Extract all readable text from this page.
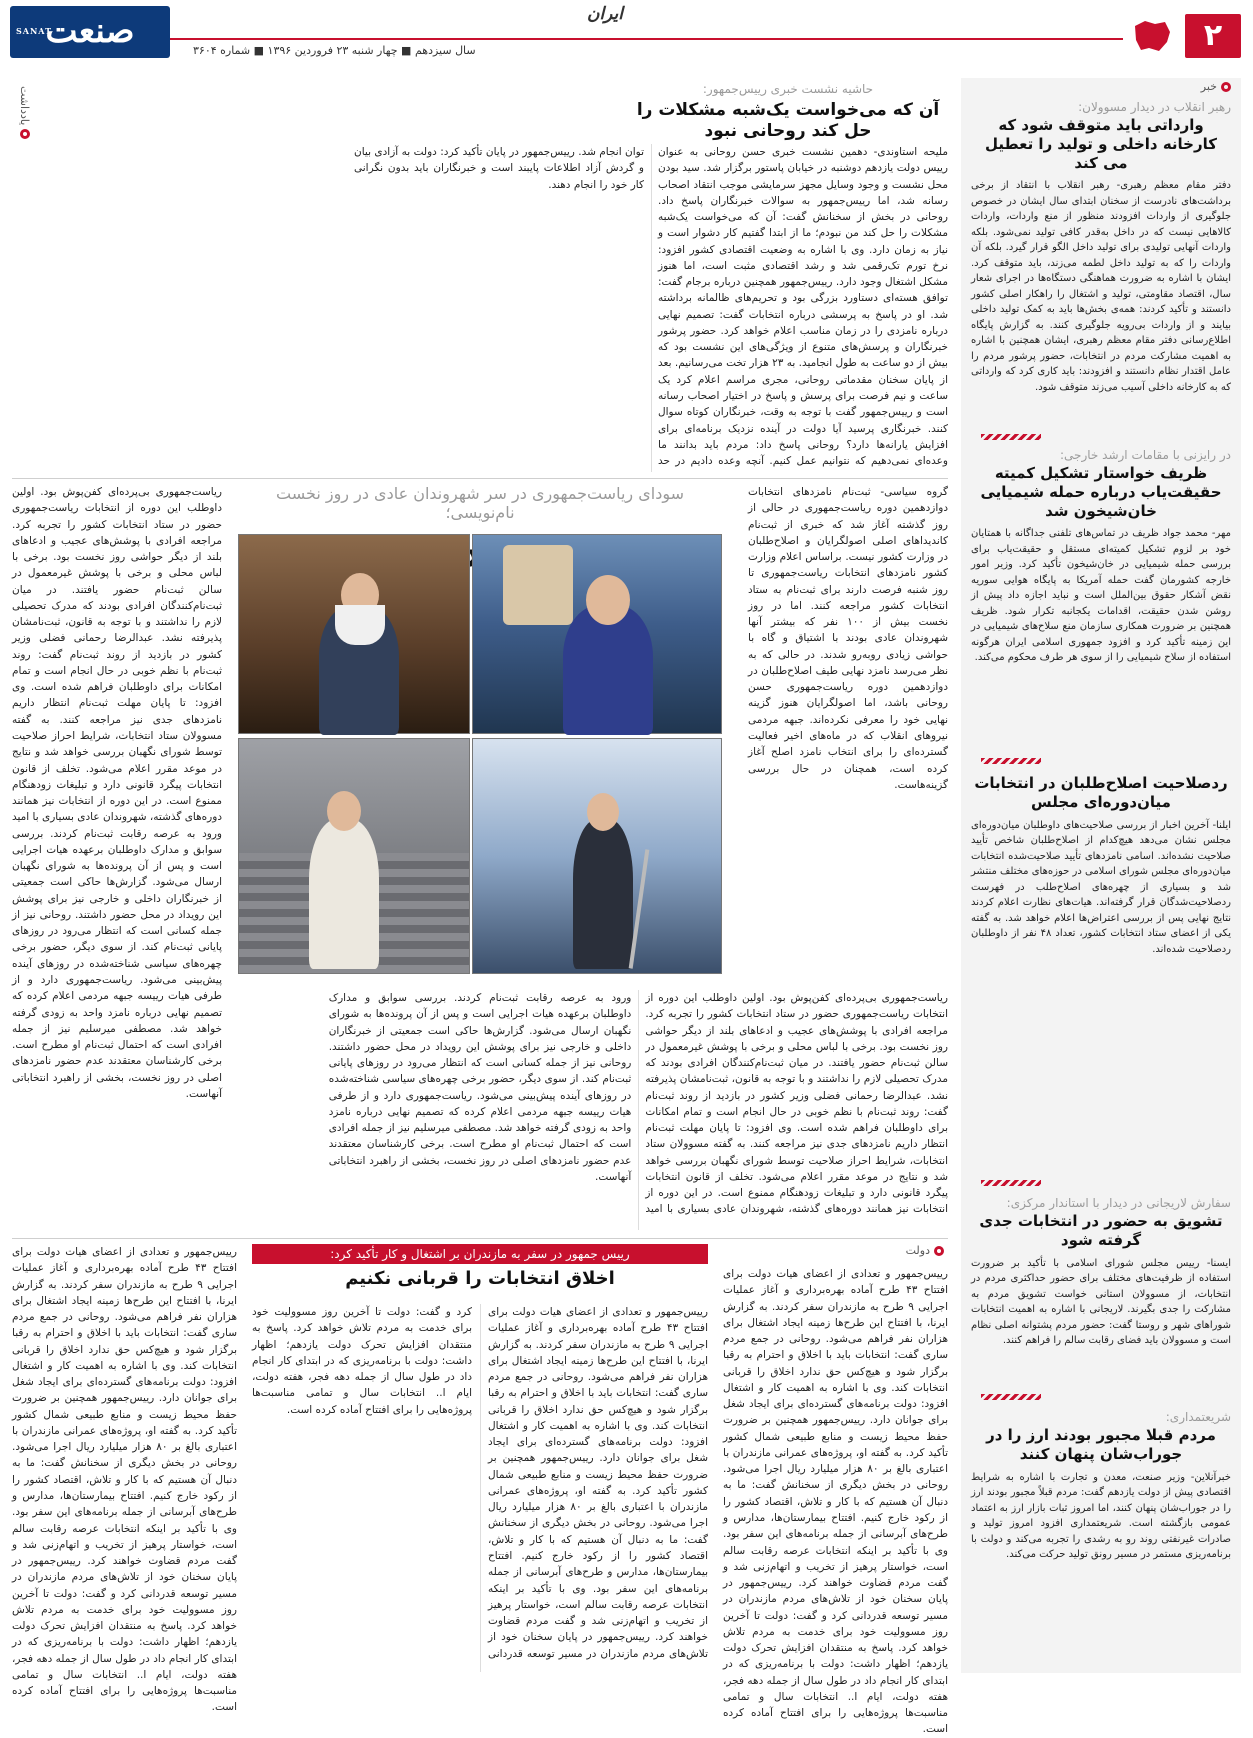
۲
ایران
سال سیزدهم ■ چهار شنبه ۲۳ فروردین ۱۳۹۶ ■ شماره ۳۶۰۴
صنعت
SANAT
خبر
رهبر انقلاب در دیدار مسوولان:
وارداتی باید متوقف شود که کارخانه داخلی و تولید را تعطیل می کند
دفتر مقام معظم رهبری- رهبر انقلاب با انتقاد از برخی برداشت‌های نادرست از سخنان ابتدای سال ایشان در خصوص جلوگیری از واردات افزودند منظور از منع واردات، واردات کالاهایی نیست که در داخل به‌قدر کافی تولید نمی‌شود. بلکه واردات آنهایی تولیدی برای تولید داخل الگو قرار گیرد. بلکه آن واردات را که به تولید داخل لطمه می‌زند، باید متوقف کرد. ایشان با اشاره به ضرورت هماهنگی دستگاه‌ها در اجرای شعار سال، اقتصاد مقاومتی، تولید و اشتغال را راهکار اصلی کشور دانستند و تأکید کردند: همه‌ی بخش‌ها باید به کمک تولید داخلی بیایند و از واردات بی‌رویه جلوگیری کنند. به گزارش پایگاه اطلاع‌رسانی دفتر مقام معظم رهبری، ایشان همچنین با اشاره به اهمیت مشارکت مردم در انتخابات، حضور پرشور مردم را عامل اقتدار نظام دانستند و افزودند: باید کاری کرد که وارداتی که به کارخانه داخلی آسیب می‌زند متوقف شود.
در رایزنی با مقامات ارشد خارجی:
ظریف خواستار تشکیل کمیته حقیقت‌یاب درباره حمله شیمیایی خان‌شیخون شد
مهر- محمد جواد ظریف در تماس‌های تلفنی جداگانه با همتایان خود بر لزوم تشکیل کمیته‌ای مستقل و حقیقت‌یاب برای بررسی حمله شیمیایی در خان‌شیخون تأکید کرد. وزیر امور خارجه کشورمان گفت حمله آمریکا به پایگاه هوایی سوریه نقض آشکار حقوق بین‌الملل است و نباید اجازه داد پیش از روشن شدن حقیقت، اقدامات یکجانبه تکرار شود. ظریف همچنین بر ضرورت همکاری سازمان منع سلاح‌های شیمیایی در این زمینه تأکید کرد و افزود جمهوری اسلامی ایران هرگونه استفاده از سلاح شیمیایی را از سوی هر طرف محکوم می‌کند.
ردصلاحیت اصلاح‌طلبان در انتخابات میان‌دوره‌ای مجلس
ایلنا- آخرین اخبار از بررسی صلاحیت‌های داوطلبان میان‌دوره‌ای مجلس نشان می‌دهد هیچ‌کدام از اصلاح‌طلبان شاخص تأیید صلاحیت نشده‌اند. اسامی نامزدهای تأیید صلاحیت‌شده انتخابات میان‌دوره‌ای مجلس شورای اسلامی در حوزه‌های مختلف منتشر شد و بسیاری از چهره‌های اصلاح‌طلب در فهرست ردصلاحیت‌شدگان قرار گرفته‌اند. هیات‌های نظارت اعلام کردند نتایج نهایی پس از بررسی اعتراض‌ها اعلام خواهد شد. به گفته یکی از اعضای ستاد انتخابات کشور، تعداد ۴۸ نفر از داوطلبان ردصلاحیت شده‌اند.
سفارش لاریجانی در دیدار با استاندار مرکزی:
تشویق به حضور در انتخابات جدی گرفته شود
ایسنا- رییس مجلس شورای اسلامی با تأکید بر ضرورت استفاده از ظرفیت‌های مختلف برای حضور حداکثری مردم در انتخابات، از مسوولان استانی خواست تشویق مردم به مشارکت را جدی بگیرند. لاریجانی با اشاره به اهمیت انتخابات شوراهای شهر و روستا گفت: حضور مردم پشتوانه اصلی نظام است و مسوولان باید فضای رقابت سالم را فراهم کنند.
شریعتمداری:
مردم قبلا مجبور بودند ارز را در جوراب‌شان پنهان کنند
خبرآنلاین- وزیر صنعت، معدن و تجارت با اشاره به شرایط اقتصادی پیش از دولت یازدهم گفت: مردم قبلاً مجبور بودند ارز را در جوراب‌شان پنهان کنند، اما امروز ثبات بازار ارز به اعتماد عمومی بازگشته است. شریعتمداری افزود امروز تولید و صادرات غیرنفتی روند رو به رشدی را تجربه می‌کند و دولت با برنامه‌ریزی مستمر در مسیر رونق تولید حرکت می‌کند.
یادداشت	حاشیه نشست خبری رییس‌جمهور:
آن که می‌خواست یک‌شبه مشکلات را حل کند روحانی نبود
ملیحه استاوندی- دهمین نشست خبری حسن روحانی به عنوان رییس دولت یازدهم دوشنبه در خیابان پاستور برگزار شد. سید بودن محل نشست و وجود وسایل مجهز سرمایشی موجب انتقاد اصحاب رسانه شد، اما رییس‌جمهور به سوالات خبرنگاران پاسخ داد. روحانی در بخش از سخنانش گفت: آن که می‌خواست یک‌شبه مشکلات را حل کند من نبودم؛ ما از ابتدا گفتیم کار دشوار است و نیاز به زمان دارد. وی با اشاره به وضعیت اقتصادی کشور افزود: نرخ تورم تک‌رقمی شد و رشد اقتصادی مثبت است، اما هنوز مشکل اشتغال وجود دارد. رییس‌جمهور همچنین درباره برجام گفت: توافق هسته‌ای دستاورد بزرگی بود و تحریم‌های ظالمانه برداشته شد. او در پاسخ به پرسشی درباره انتخابات گفت: تصمیم نهایی درباره نامزدی را در زمان مناسب اعلام خواهد کرد. حضور پرشور خبرنگاران و پرسش‌های متنوع از ویژگی‌های این نشست بود که بیش از دو ساعت به طول انجامید. به ۲۳ هزار تخت می‌رسانیم. بعد از پایان سخنان مقدماتی روحانی، مجری مراسم اعلام کرد یک ساعت و نیم فرصت برای پرسش و پاسخ در اختیار اصحاب رسانه است و رییس‌جمهور گفت با توجه به وقت، خبرنگاران کوتاه سوال کنند. خبرنگاری پرسید آیا دولت در آینده نزدیک برنامه‌ای برای افزایش یارانه‌ها دارد؟ روحانی پاسخ داد: مردم باید بدانند ما وعده‌ای نمی‌دهیم که نتوانیم عمل کنیم. آنچه وعده دادیم در حد توان انجام شد. رییس‌جمهور در پایان تأکید کرد: دولت به آزادی بیان و گردش آزاد اطلاعات پایبند است و خبرنگاران باید بدون نگرانی کار خود را انجام دهند.
سودای ریاست‌جمهوری در سر شهروندان عادی در روز نخست نام‌نویسی؛
نامزدهای
گروه سیاسی- ثبت‌نام نامزدهای انتخابات دوازدهمین دوره ریاست‌جمهوری در حالی از روز گذشته آغاز شد که خبری از ثبت‌نام کاندیداهای اصلی اصولگرایان و اصلاح‌طلبان در وزارت کشور نیست. براساس اعلام وزارت کشور نامزدهای انتخابات ریاست‌جمهوری تا روز شنبه فرصت دارند برای ثبت‌نام به ستاد انتخابات کشور مراجعه کنند. اما در روز نخست بیش از ۱۰۰ نفر که بیشتر آنها شهروندان عادی بودند با اشتیاق و گاه با حواشی زیادی روبه‌رو شدند. در حالی که به نظر می‌رسد نامزد نهایی طیف اصلاح‌طلبان در دوازدهمین دوره ریاست‌جمهوری حسن روحانی باشد، اما اصولگرایان هنوز گزینه نهایی خود را معرفی نکرده‌اند. جبهه مردمی نیروهای انقلاب که در ماه‌های اخیر فعالیت گسترده‌ای را برای انتخاب نامزد اصلح آغاز کرده است، همچنان در حال بررسی گزینه‌هاست.
ریاست‌جمهوری بی‌پرده‌ای کفن‌پوش بود. اولین داوطلب این دوره از انتخابات ریاست‌جمهوری حضور در ستاد انتخابات کشور را تجربه کرد. مراجعه افرادی با پوشش‌های عجیب و ادعاهای بلند از دیگر حواشی روز نخست بود. برخی با لباس محلی و برخی با پوشش غیرمعمول در سالن ثبت‌نام حضور یافتند. در میان ثبت‌نام‌کنندگان افرادی بودند که مدرک تحصیلی لازم را نداشتند و با توجه به قانون، ثبت‌نامشان پذیرفته نشد. عبدالرضا رحمانی فضلی وزیر کشور در بازدید از روند ثبت‌نام گفت: روند ثبت‌نام با نظم خوبی در حال انجام است و تمام امکانات برای داوطلبان فراهم شده است. وی افزود: تا پایان مهلت ثبت‌نام انتظار داریم نامزدهای جدی نیز مراجعه کنند. به گفته مسوولان ستاد انتخابات، شرایط احراز صلاحیت توسط شورای نگهبان بررسی خواهد شد و نتایج در موعد مقرر اعلام می‌شود. تخلف از قانون انتخابات پیگرد قانونی دارد و تبلیغات زودهنگام ممنوع است. در این دوره از انتخابات نیز همانند دوره‌های گذشته، شهروندان عادی بسیاری با امید ورود به عرصه رقابت ثبت‌نام کردند. بررسی سوابق و مدارک داوطلبان برعهده هیات اجرایی است و پس از آن پرونده‌ها به شورای نگهبان ارسال می‌شود. گزارش‌ها حاکی است جمعیتی از خبرنگاران داخلی و خارجی نیز برای پوشش این رویداد در محل حضور داشتند. روحانی نیز از جمله کسانی است که انتظار می‌رود در روزهای پایانی ثبت‌نام کند. از سوی دیگر، حضور برخی چهره‌های سیاسی شناخته‌شده در روزهای آینده پیش‌بینی می‌شود. ریاست‌جمهوری دارد و از طرفی هیات رییسه جبهه مردمی اعلام کرده که تصمیم نهایی درباره نامزد واحد به زودی گرفته خواهد شد. مصطفی میرسلیم نیز از جمله افرادی است که احتمال ثبت‌نام او مطرح است. برخی کارشناسان معتقدند عدم حضور نامزدهای اصلی در روز نخست، بخشی از راهبرد انتخاباتی آنهاست.
ریاست‌جمهوری بی‌پرده‌ای کفن‌پوش بود. اولین داوطلب این دوره از انتخابات ریاست‌جمهوری حضور در ستاد انتخابات کشور را تجربه کرد. مراجعه افرادی با پوشش‌های عجیب و ادعاهای بلند از دیگر حواشی روز نخست بود. برخی با لباس محلی و برخی با پوشش غیرمعمول در سالن ثبت‌نام حضور یافتند. در میان ثبت‌نام‌کنندگان افرادی بودند که مدرک تحصیلی لازم را نداشتند و با توجه به قانون، ثبت‌نامشان پذیرفته نشد. عبدالرضا رحمانی فضلی وزیر کشور در بازدید از روند ثبت‌نام گفت: روند ثبت‌نام با نظم خوبی در حال انجام است و تمام امکانات برای داوطلبان فراهم شده است. وی افزود: تا پایان مهلت ثبت‌نام انتظار داریم نامزدهای جدی نیز مراجعه کنند. به گفته مسوولان ستاد انتخابات، شرایط احراز صلاحیت توسط شورای نگهبان بررسی خواهد شد و نتایج در موعد مقرر اعلام می‌شود. تخلف از قانون انتخابات پیگرد قانونی دارد و تبلیغات زودهنگام ممنوع است. در این دوره از انتخابات نیز همانند دوره‌های گذشته، شهروندان عادی بسیاری با امید ورود به عرصه رقابت ثبت‌نام کردند. بررسی سوابق و مدارک داوطلبان برعهده هیات اجرایی است و پس از آن پرونده‌ها به شورای نگهبان ارسال می‌شود. گزارش‌ها حاکی است جمعیتی از خبرنگاران داخلی و خارجی نیز برای پوشش این رویداد در محل حضور داشتند. روحانی نیز از جمله کسانی است که انتظار می‌رود در روزهای پایانی ثبت‌نام کند. از سوی دیگر، حضور برخی چهره‌های سیاسی شناخته‌شده در روزهای آینده پیش‌بینی می‌شود. ریاست‌جمهوری دارد و از طرفی هیات رییسه جبهه مردمی اعلام کرده که تصمیم نهایی درباره نامزد واحد به زودی گرفته خواهد شد. مصطفی میرسلیم نیز از جمله افرادی است که احتمال ثبت‌نام او مطرح است. برخی کارشناسان معتقدند عدم حضور نامزدهای اصلی در روز نخست، بخشی از راهبرد انتخاباتی آنهاست.
دولت
رییس جمهور در سفر به مازندران بر اشتغال و کار تأکید کرد:
اخلاق انتخابات را قربانی نکنیم	رییس‌جمهور و تعدادی از اعضای هیات دولت برای افتتاح ۴۳ طرح آماده بهره‌برداری و آغاز عملیات اجرایی ۹ طرح به مازندران سفر کردند. به گزارش ایرنا، با افتتاح این طرح‌ها زمینه ایجاد اشتغال برای هزاران نفر فراهم می‌شود. روحانی در جمع مردم ساری گفت: انتخابات باید با اخلاق و احترام به رقبا برگزار شود و هیچ‌کس حق ندارد اخلاق را قربانی انتخابات کند. وی با اشاره به اهمیت کار و اشتغال افزود: دولت برنامه‌های گسترده‌ای برای ایجاد شغل برای جوانان دارد. رییس‌جمهور همچنین بر ضرورت حفظ محیط زیست و منابع طبیعی شمال کشور تأکید کرد. به گفته او، پروژه‌های عمرانی مازندران با اعتباری بالغ بر ۸۰ هزار میلیارد ریال اجرا می‌شود. روحانی در بخش دیگری از سخنانش گفت: ما به دنبال آن هستیم که با کار و تلاش، اقتصاد کشور را از رکود خارج کنیم. افتتاح بیمارستان‌ها، مدارس و طرح‌های آبرسانی از جمله برنامه‌های این سفر بود. وی با تأکید بر اینکه انتخابات عرصه رقابت سالم است، خواستار پرهیز از تخریب و اتهام‌زنی شد و گفت مردم قضاوت خواهند کرد. رییس‌جمهور در پایان سخنان خود از تلاش‌های مردم مازندران در مسیر توسعه قدردانی کرد و گفت: دولت تا آخرین روز مسوولیت خود برای خدمت به مردم تلاش خواهد کرد. پاسخ به منتقدان افزایش تحرک دولت یازدهم؛ اظهار داشت: دولت با برنامه‌ریزی که در ابتدای کار انجام داد در طول سال از جمله دهه فجر، هفته دولت، ایام ا.. انتخابات سال و تمامی مناسبت‌ها پروژه‌هایی را برای افتتاح آماده کرده است.
رییس‌جمهور و تعدادی از اعضای هیات دولت برای افتتاح ۴۳ طرح آماده بهره‌برداری و آغاز عملیات اجرایی ۹ طرح به مازندران سفر کردند. به گزارش ایرنا، با افتتاح این طرح‌ها زمینه ایجاد اشتغال برای هزاران نفر فراهم می‌شود. روحانی در جمع مردم ساری گفت: انتخابات باید با اخلاق و احترام به رقبا برگزار شود و هیچ‌کس حق ندارد اخلاق را قربانی انتخابات کند. وی با اشاره به اهمیت کار و اشتغال افزود: دولت برنامه‌های گسترده‌ای برای ایجاد شغل برای جوانان دارد. رییس‌جمهور همچنین بر ضرورت حفظ محیط زیست و منابع طبیعی شمال کشور تأکید کرد. به گفته او، پروژه‌های عمرانی مازندران با اعتباری بالغ بر ۸۰ هزار میلیارد ریال اجرا می‌شود. روحانی در بخش دیگری از سخنانش گفت: ما به دنبال آن هستیم که با کار و تلاش، اقتصاد کشور را از رکود خارج کنیم. افتتاح بیمارستان‌ها، مدارس و طرح‌های آبرسانی از جمله برنامه‌های این سفر بود. وی با تأکید بر اینکه انتخابات عرصه رقابت سالم است، خواستار پرهیز از تخریب و اتهام‌زنی شد و گفت مردم قضاوت خواهند کرد. رییس‌جمهور در پایان سخنان خود از تلاش‌های مردم مازندران در مسیر توسعه قدردانی کرد و گفت: دولت تا آخرین روز مسوولیت خود برای خدمت به مردم تلاش خواهد کرد. پاسخ به منتقدان افزایش تحرک دولت یازدهم؛ اظهار داشت: دولت با برنامه‌ریزی که در ابتدای کار انجام داد در طول سال از جمله دهه فجر، هفته دولت، ایام ا.. انتخابات سال و تمامی مناسبت‌ها پروژه‌هایی را برای افتتاح آماده کرده است.
رییس‌جمهور و تعدادی از اعضای هیات دولت برای افتتاح ۴۳ طرح آماده بهره‌برداری و آغاز عملیات اجرایی ۹ طرح به مازندران سفر کردند. به گزارش ایرنا، با افتتاح این طرح‌ها زمینه ایجاد اشتغال برای هزاران نفر فراهم می‌شود. روحانی در جمع مردم ساری گفت: انتخابات باید با اخلاق و احترام به رقبا برگزار شود و هیچ‌کس حق ندارد اخلاق را قربانی انتخابات کند. وی با اشاره به اهمیت کار و اشتغال افزود: دولت برنامه‌های گسترده‌ای برای ایجاد شغل برای جوانان دارد. رییس‌جمهور همچنین بر ضرورت حفظ محیط زیست و منابع طبیعی شمال کشور تأکید کرد. به گفته او، پروژه‌های عمرانی مازندران با اعتباری بالغ بر ۸۰ هزار میلیارد ریال اجرا می‌شود. روحانی در بخش دیگری از سخنانش گفت: ما به دنبال آن هستیم که با کار و تلاش، اقتصاد کشور را از رکود خارج کنیم. افتتاح بیمارستان‌ها، مدارس و طرح‌های آبرسانی از جمله برنامه‌های این سفر بود. وی با تأکید بر اینکه انتخابات عرصه رقابت سالم است، خواستار پرهیز از تخریب و اتهام‌زنی شد و گفت مردم قضاوت خواهند کرد. رییس‌جمهور در پایان سخنان خود از تلاش‌های مردم مازندران در مسیر توسعه قدردانی کرد و گفت: دولت تا آخرین روز مسوولیت خود برای خدمت به مردم تلاش خواهد کرد. پاسخ به منتقدان افزایش تحرک دولت یازدهم؛ اظهار داشت: دولت با برنامه‌ریزی که در ابتدای کار انجام داد در طول سال از جمله دهه فجر، هفته دولت، ایام ا.. انتخابات سال و تمامی مناسبت‌ها پروژه‌هایی را برای افتتاح آماده کرده است.
